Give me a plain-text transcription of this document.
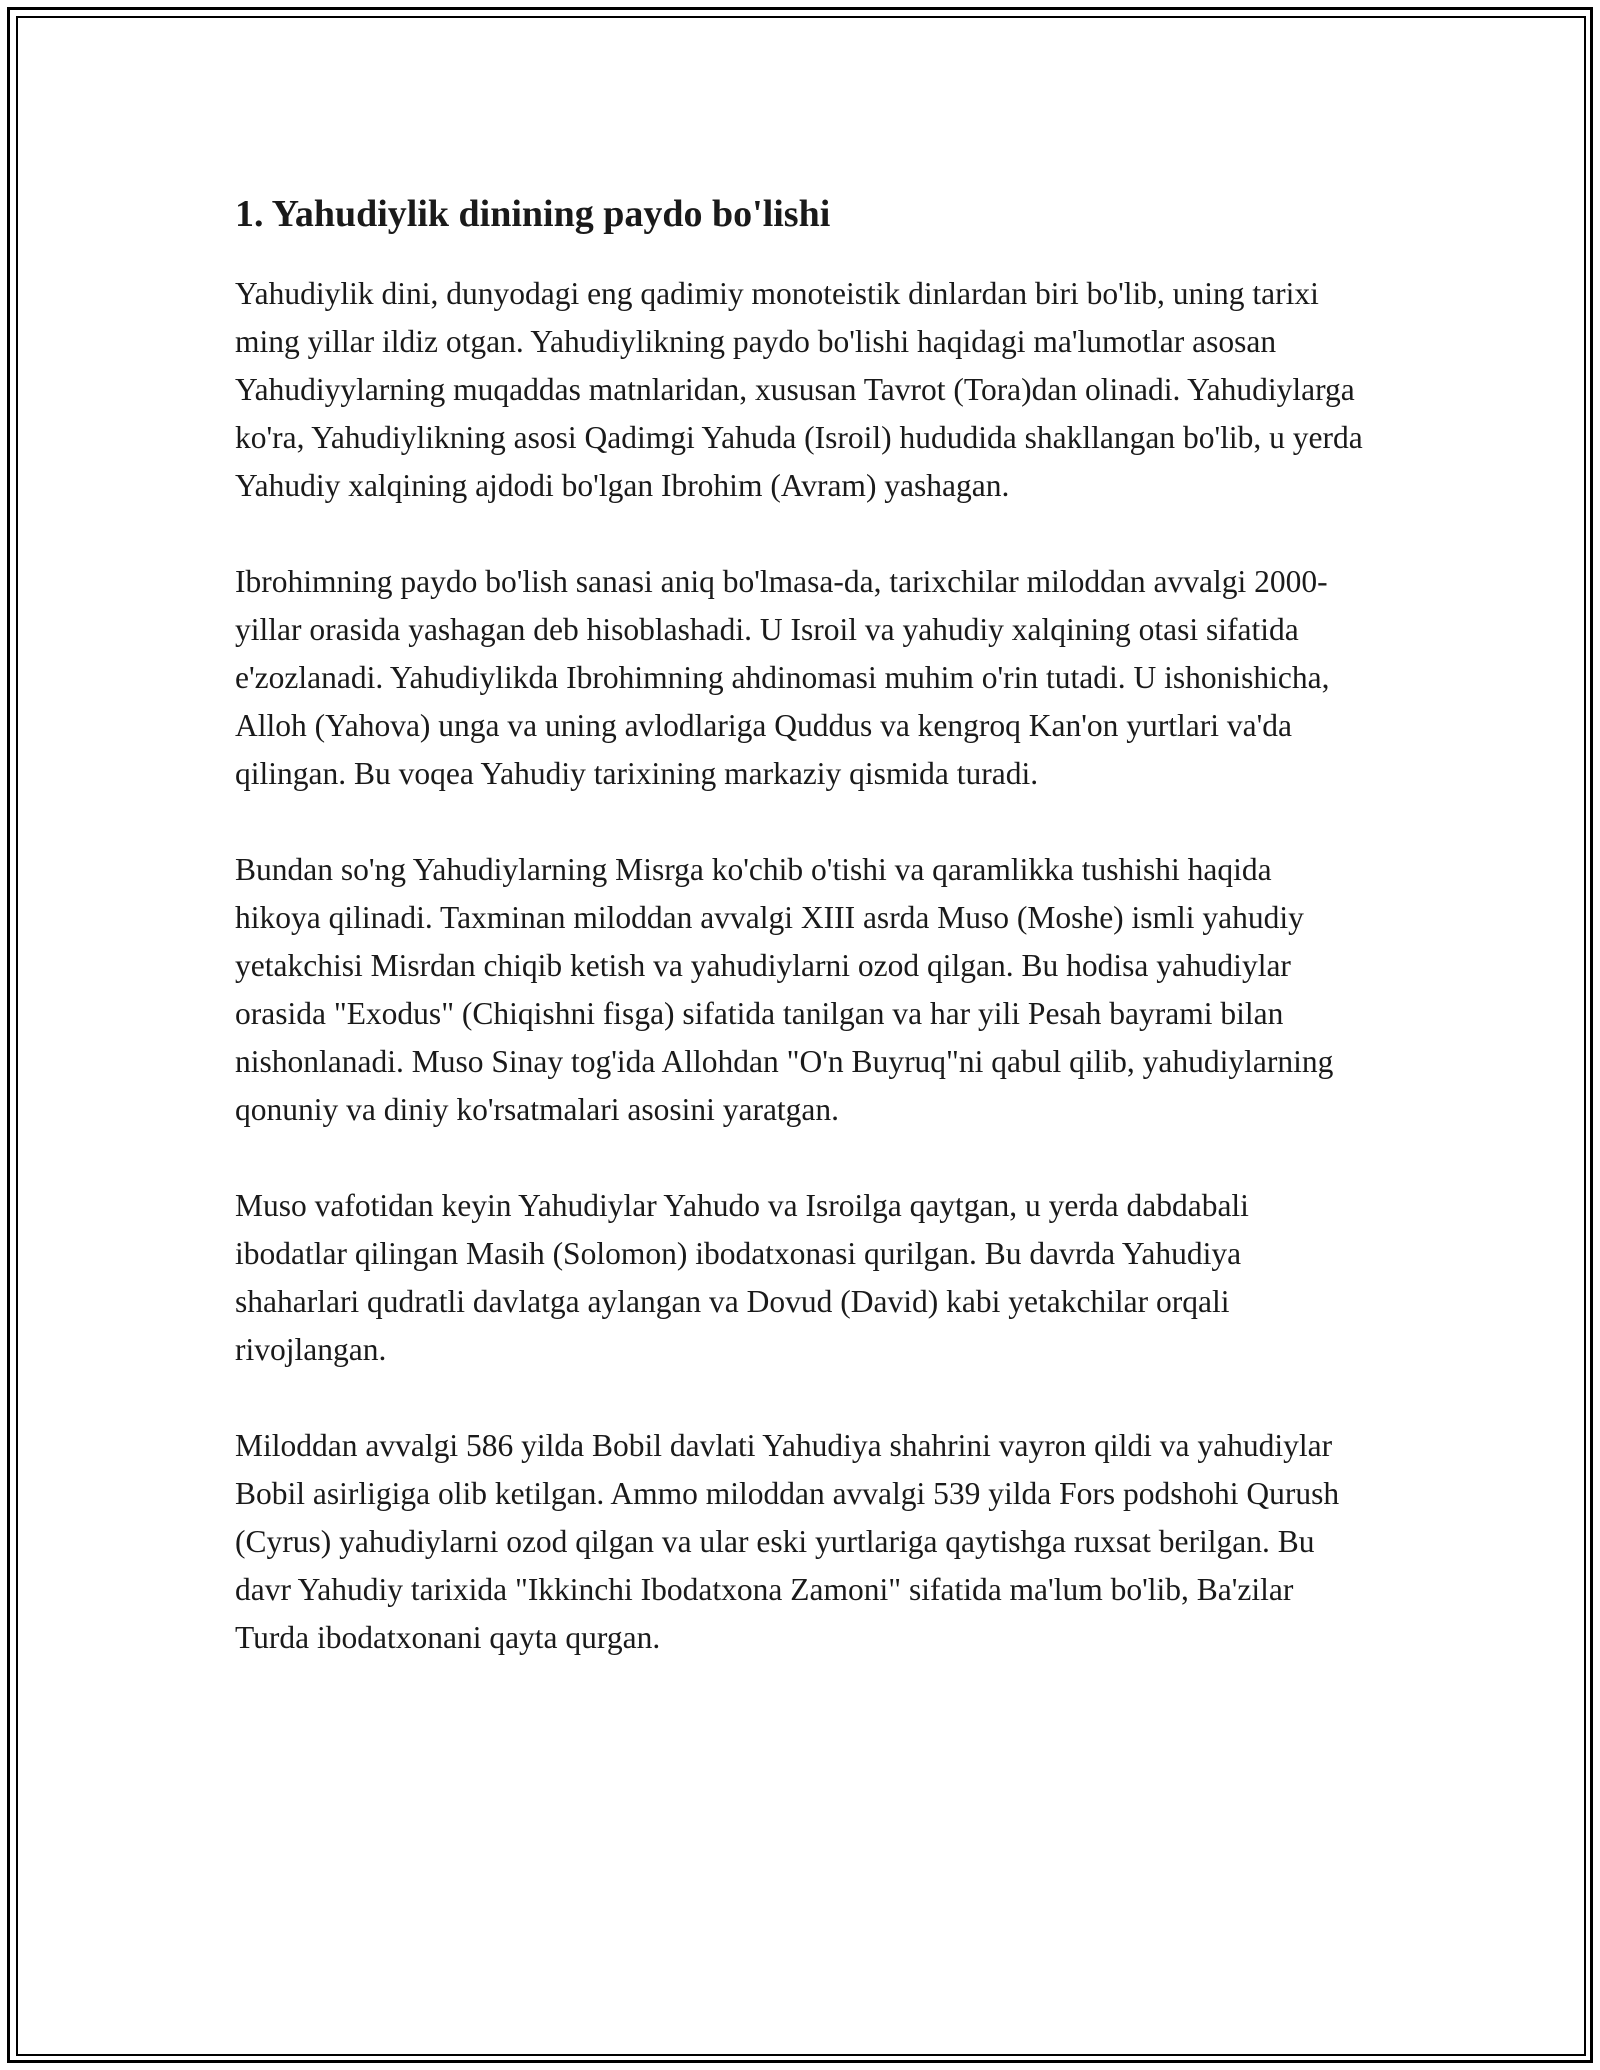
1. Yahudiylik dinining paydo bo'lishi

Yahudiylik dini, dunyodagi eng qadimiy monoteistik dinlardan biri bo'lib, uning tarixi ming yillar ildiz otgan. Yahudiylikning paydo bo'lishi haqidagi ma'lumotlar asosan Yahudiyylarning muqaddas matnlaridan, xususan Tavrot (Tora)dan olinadi. Yahudiylarga ko'ra, Yahudiylikning asosi Qadimgi Yahuda (Isroil) hududida shakllangan bo'lib, u yerda Yahudiy xalqining ajdodi bo'lgan Ibrohim (Avram) yashagan.

Ibrohimning paydo bo'lish sanasi aniq bo'lmasa-da, tarixchilar miloddan avvalgi 2000-yillar orasida yashagan deb hisoblashadi. U Isroil va yahudiy xalqining otasi sifatida e'zozlanadi. Yahudiylikda Ibrohimning ahdinomasi muhim o'rin tutadi. U ishonishicha, Alloh (Yahova) unga va uning avlodlariga Quddus va kengroq Kan'on yurtlari va'da qilingan. Bu voqea Yahudiy tarixining markaziy qismida turadi.

Bundan so'ng Yahudiylarning Misrga ko'chib o'tishi va qaramlikka tushishi haqida hikoya qilinadi. Taxminan miloddan avvalgi XIII asrda Muso (Moshe) ismli yahudiy yetakchisi Misrdan chiqib ketish va yahudiylarni ozod qilgan. Bu hodisa yahudiylar orasida "Exodus" (Chiqishni fisga) sifatida tanilgan va har yili Pesah bayrami bilan nishonlanadi. Muso Sinay tog'ida Allohdan "O'n Buyruq"ni qabul qilib, yahudiylarning qonuniy va diniy ko'rsatmalari asosini yaratgan.

Muso vafotidan keyin Yahudiylar Yahudo va Isroilga qaytgan, u yerda dabdabali ibodatlar qilingan Masih (Solomon) ibodatxonasi qurilgan. Bu davrda Yahudiya shaharlari qudratli davlatga aylangan va Dovud (David) kabi yetakchilar orqali rivojlangan.

Miloddan avvalgi 586 yilda Bobil davlati Yahudiya shahrini vayron qildi va yahudiylar Bobil asirligiga olib ketilgan. Ammo miloddan avvalgi 539 yilda Fors podshohi Qurush (Cyrus) yahudiylarni ozod qilgan va ular eski yurtlariga qaytishga ruxsat berilgan. Bu davr Yahudiy tarixida "Ikkinchi Ibodatxona Zamoni" sifatida ma'lum bo'lib, Ba'zilar Turda ibodatxonani qayta qurgan.
